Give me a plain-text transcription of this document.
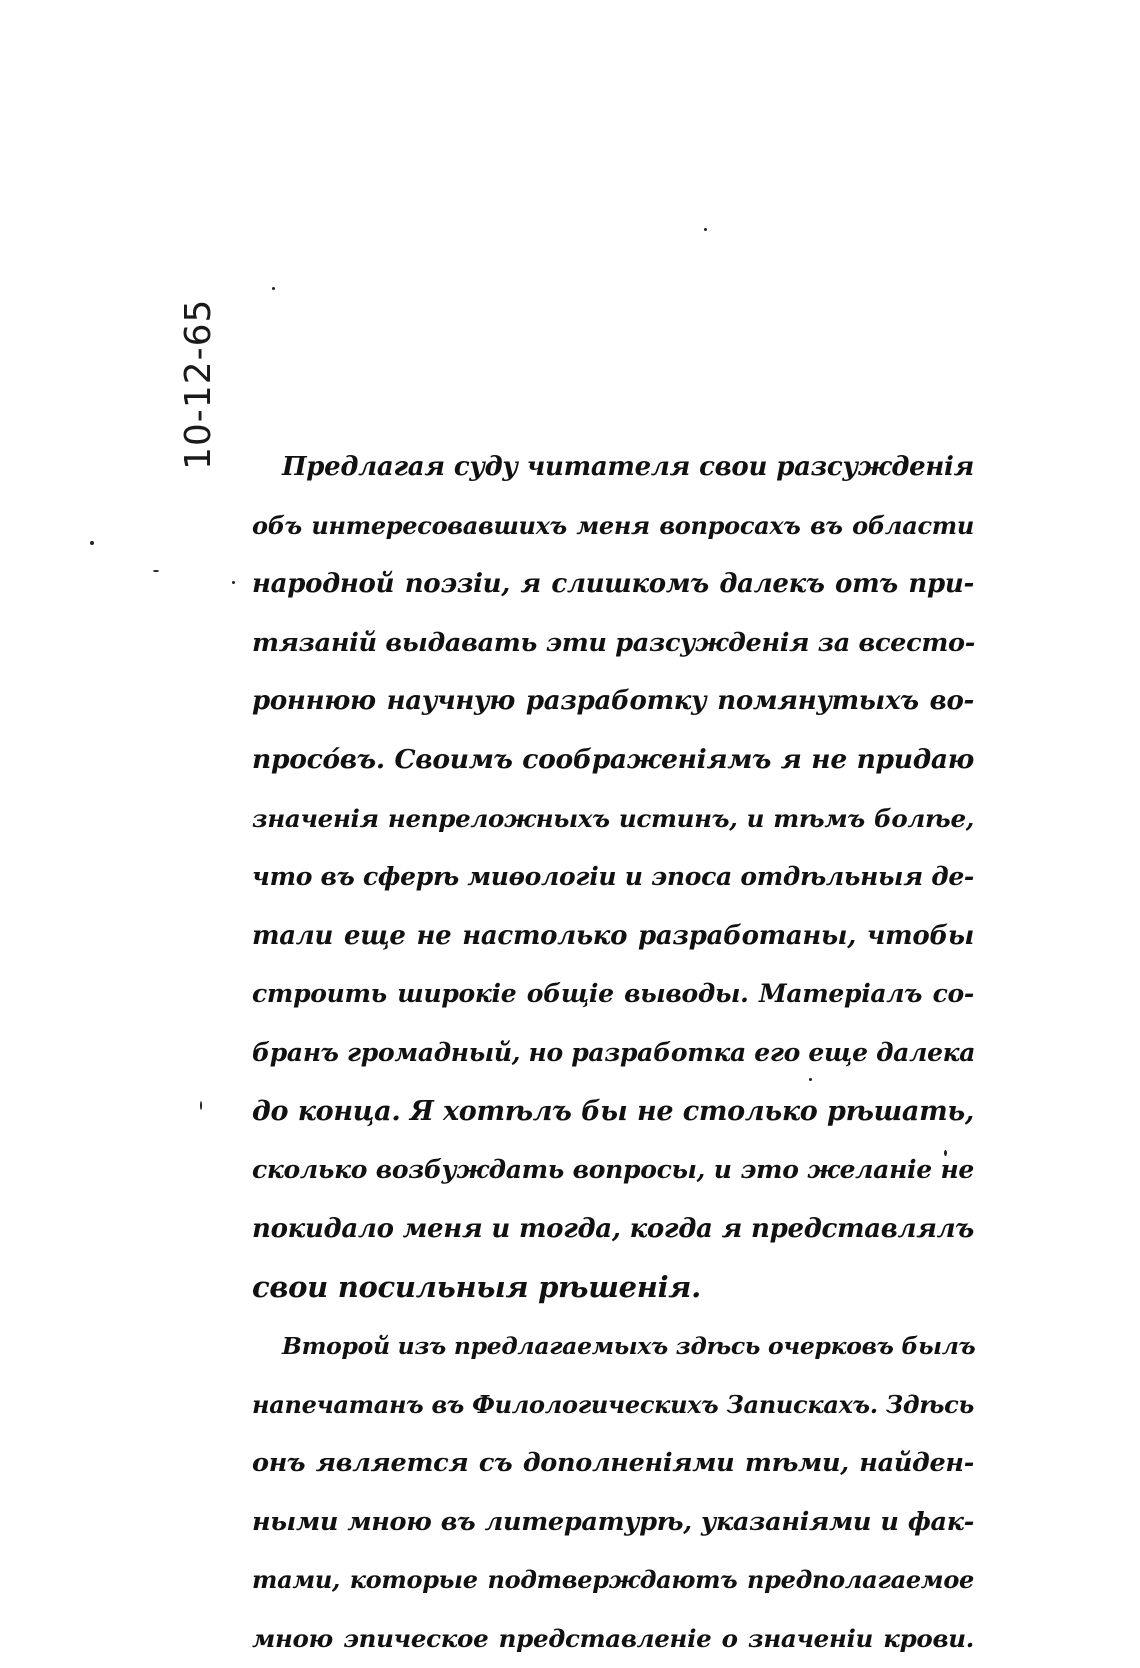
10-12-65	Предлагая суду читателя свои разсужденія
объ интересовавшихъ меня вопросахъ въ области
народной поэзіи, я слишкомъ далекъ отъ при-
тязаній выдавать эти разсужденія за всесто-
роннюю научную разработку помянутыхъ во-
просо́въ. Своимъ соображеніямъ я не придаю
значенія непреложныхъ истинъ, и тѣмъ болѣе,
что въ сферѣ миѳологіи и эпоса отдѣльныя де-
тали еще не настолько разработаны, чтобы
строить широкіе общіе выводы. Матеріалъ со-
бранъ громадный, но разработка его еще далека
до конца. Я хотѣлъ бы не столько рѣшать,
сколько возбуждать вопросы, и это желаніе не
покидало меня и тогда, когда я представлялъ
свои посильныя рѣшенія.
Второй изъ предлагаемыхъ здѣсь очерковъ былъ
напечатанъ въ Филологическихъ Запискахъ. Здѣсь
онъ является съ дополненіями тѣми, найден-
ными мною въ литературѣ, указаніями и фак-
тами, которые подтверждаютъ предполагаемое
мною эпическое представленіе о значеніи крови.
